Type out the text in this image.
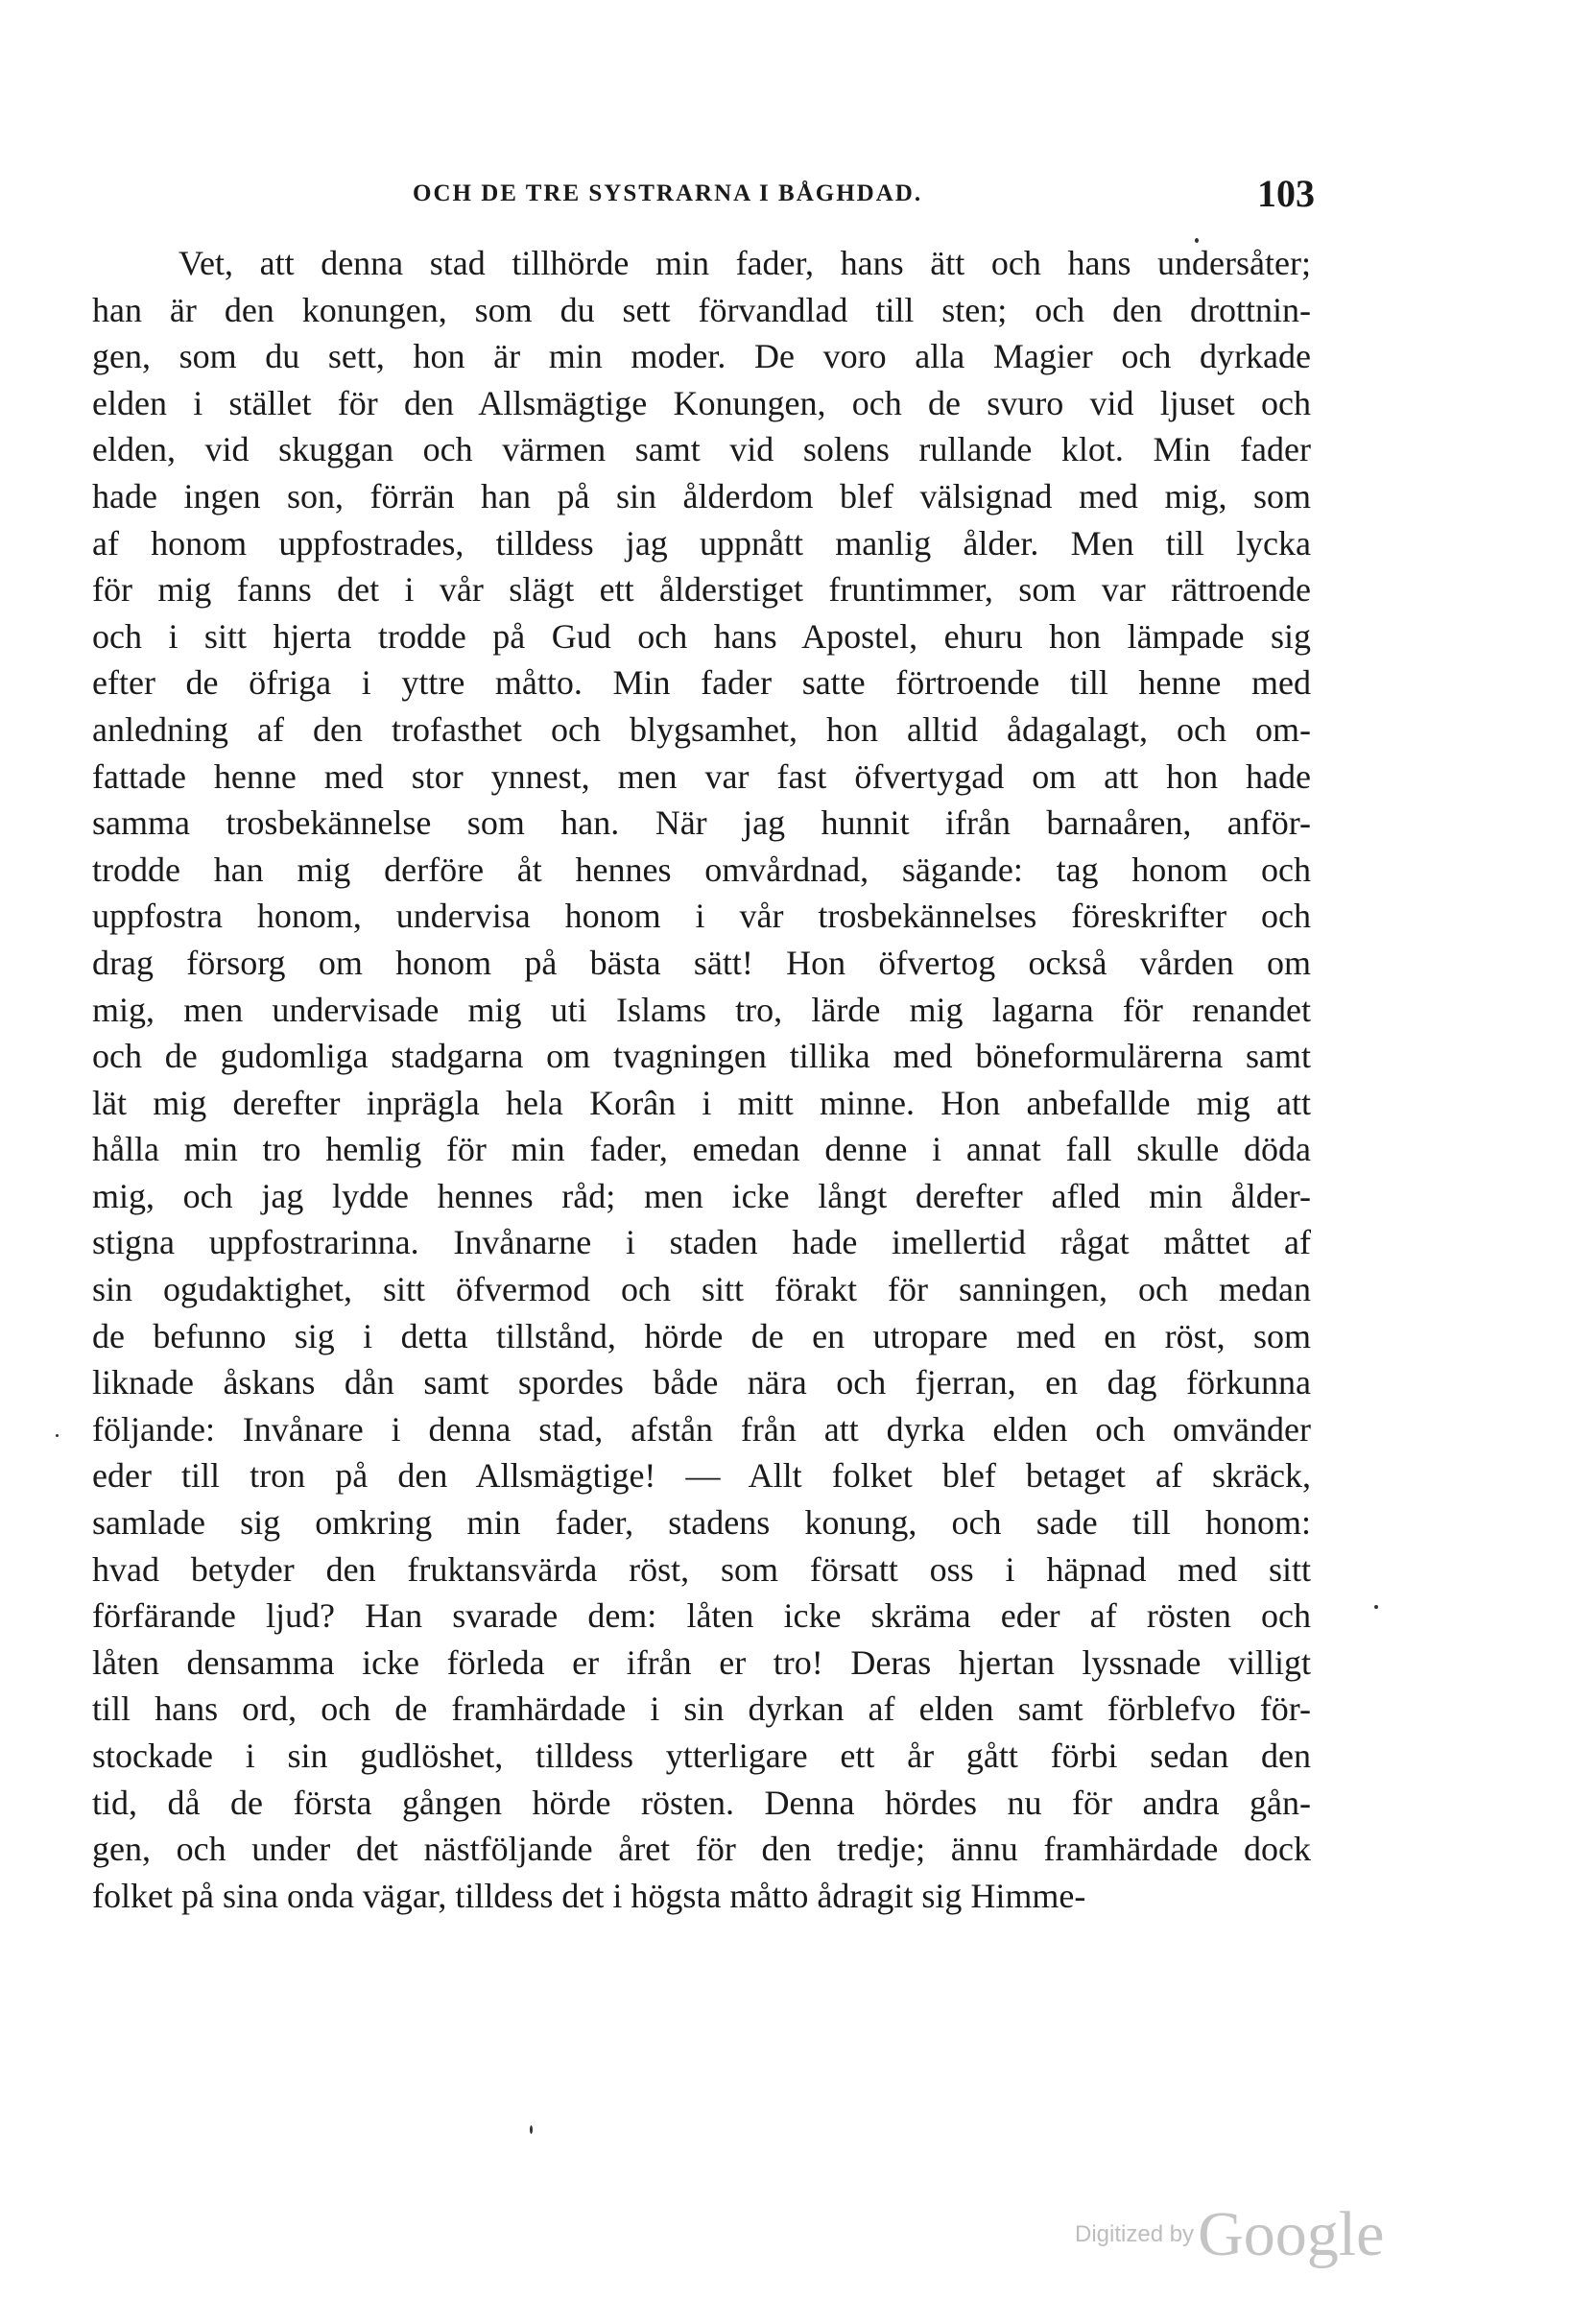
OCH DE TRE SYSTRARNA I BÅGHDAD.	103
Vet, att denna stad tillhörde min fader, hans ätt och hans undersåter;
han är den konungen, som du sett förvandlad till sten; och den drottnin-
gen, som du sett, hon är min moder. De voro alla Magier och dyrkade
elden i stället för den Allsmägtige Konungen, och de svuro vid ljuset och
elden, vid skuggan och värmen samt vid solens rullande klot. Min fader
hade ingen son, förrän han på sin ålderdom blef välsignad med mig, som
af honom uppfostrades, tilldess jag uppnått manlig ålder. Men till lycka
för mig fanns det i vår slägt ett ålderstiget fruntimmer, som var rättroende
och i sitt hjerta trodde på Gud och hans Apostel, ehuru hon lämpade sig
efter de öfriga i yttre måtto. Min fader satte förtroende till henne med
anledning af den trofasthet och blygsamhet, hon alltid ådagalagt, och om-
fattade henne med stor ynnest, men var fast öfvertygad om att hon hade
samma trosbekännelse som han. När jag hunnit ifrån barnaåren, anför-
trodde han mig derföre åt hennes omvårdnad, sägande: tag honom och
uppfostra honom, undervisa honom i vår trosbekännelses föreskrifter och
drag försorg om honom på bästa sätt! Hon öfvertog också vården om
mig, men undervisade mig uti Islams tro, lärde mig lagarna för renandet
och de gudomliga stadgarna om tvagningen tillika med böneformulärerna samt
lät mig derefter inprägla hela Korân i mitt minne. Hon anbefallde mig att
hålla min tro hemlig för min fader, emedan denne i annat fall skulle döda
mig, och jag lydde hennes råd; men icke långt derefter afled min ålder-
stigna uppfostrarinna. Invånarne i staden hade imellertid rågat måttet af
sin ogudaktighet, sitt öfvermod och sitt förakt för sanningen, och medan
de befunno sig i detta tillstånd, hörde de en utropare med en röst, som
liknade åskans dån samt spordes både nära och fjerran, en dag förkunna
följande: Invånare i denna stad, afstån från att dyrka elden och omvänder
eder till tron på den Allsmägtige! — Allt folket blef betaget af skräck,
samlade sig omkring min fader, stadens konung, och sade till honom:
hvad betyder den fruktansvärda röst, som försatt oss i häpnad med sitt
förfärande ljud? Han svarade dem: låten icke skräma eder af rösten och
låten densamma icke förleda er ifrån er tro! Deras hjertan lyssnade villigt
till hans ord, och de framhärdade i sin dyrkan af elden samt förblefvo för-
stockade i sin gudlöshet, tilldess ytterligare ett år gått förbi sedan den
tid, då de första gången hörde rösten. Denna hördes nu för andra gån-
gen, och under det nästföljande året för den tredje; ännu framhärdade dock
folket på sina onda vägar, tilldess det i högsta måtto ådragit sig Himme-
Digitized by Google
